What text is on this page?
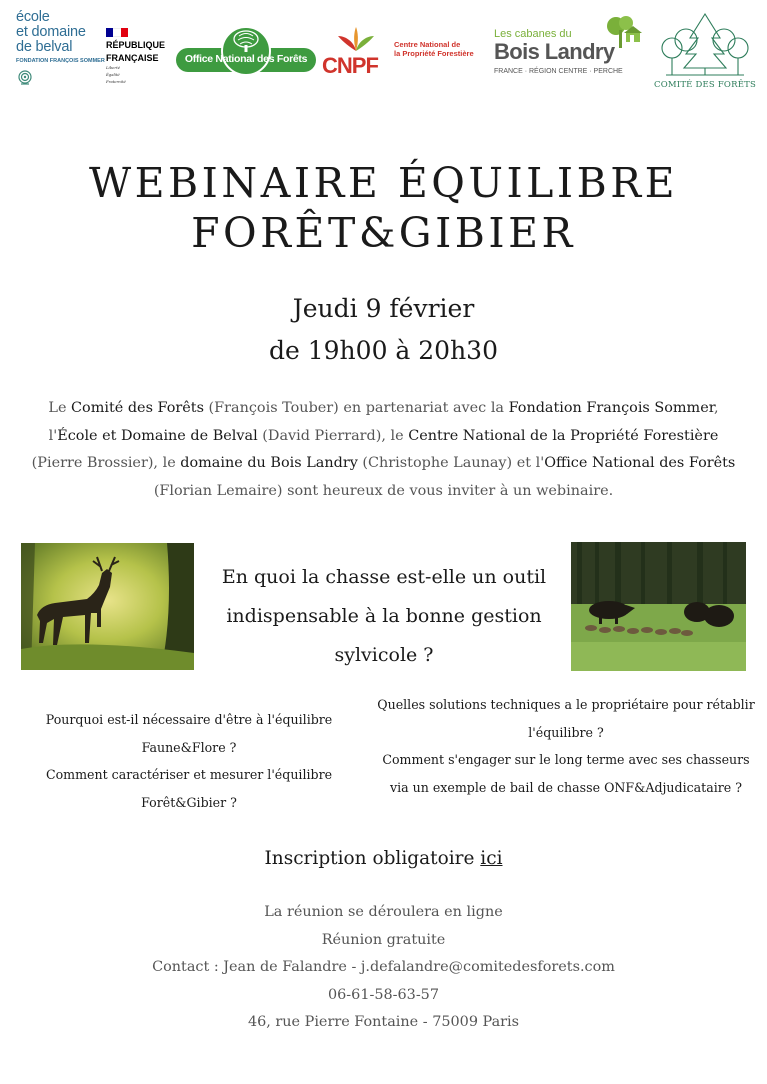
école
et domaine
de belval
FONDATION FRANÇOIS SOMMER
RÉPUBLIQUE
FRANÇAISE
Liberté
Égalité
Fraternité
Office National des Forêts CNPF
Centre National de
la Propriété Forestière
Les cabanes du
Bois Landry
FRANCE · RÉGION CENTRE · PERCHE
COMITÉ DES FORÊTS
WEBINAIRE ÉQUILIBRE
FORÊT&GIBIER
Jeudi 9 février
de 19h00 à 20h30

Le Comité des Forêts (François Touber) en partenariat avec la Fondation François Sommer, l'École et Domaine de Belval (David Pierrard), le Centre National de la Propriété Forestière (Pierre Brossier), le domaine du Bois Landry (Christophe Launay) et l'Office National des Forêts (Florian Lemaire) sont heureux de vous inviter à un webinaire.

En quoi la chasse est-elle un outil indispensable à la bonne gestion sylvicole ?

Pourquoi est-il nécessaire d'être à l'équilibre Faune&Flore ?

Comment caractériser et mesurer l'équilibre Forêt&Gibier ?

Quelles solutions techniques a le propriétaire pour rétablir l'équilibre ?

Comment s'engager sur le long terme avec ses chasseurs via un exemple de bail de chasse ONF&Adjudicataire ?

Inscription obligatoire ici
La réunion se déroulera en ligne
Réunion gratuite
Contact : Jean de Falandre - j.defalandre@comitedesforets.com
06-61-58-63-57
46, rue Pierre Fontaine - 75009 Paris
